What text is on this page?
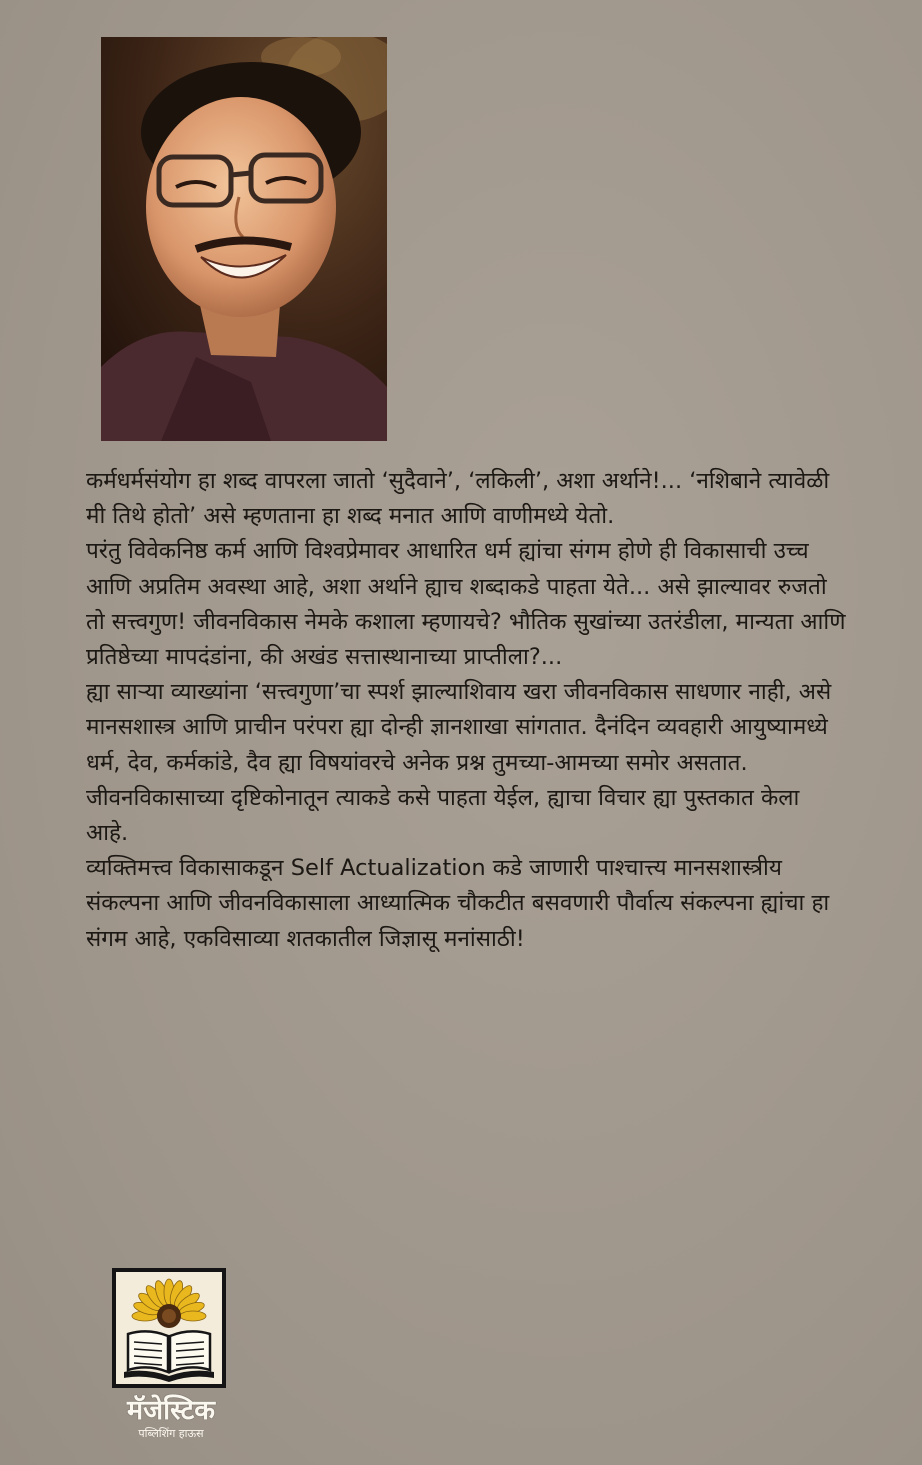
कर्मधर्मसंयोग हा शब्द वापरला जातो ‘सुदैवाने’, ‘लकिली’, अशा अर्थाने!... ‘नशिबाने त्यावेळी मी तिथे होतो’ असे म्हणताना हा शब्द मनात आणि वाणीमध्ये येतो.

परंतु विवेकनिष्ठ कर्म आणि विश्वप्रेमावर आधारित धर्म ह्यांचा संगम होणे ही विकासाची उच्च आणि अप्रतिम अवस्था आहे, अशा अर्थाने ह्याच शब्दाकडे पाहता येते... असे झाल्यावर रुजतो तो सत्त्वगुण! जीवनविकास नेमके कशाला म्हणायचे? भौतिक सुखांच्या उतरंडीला, मान्यता आणि प्रतिष्ठेच्या मापदंडांना, की अखंड सत्तास्थानाच्या प्राप्तीला?...

ह्या साऱ्या व्याख्यांना ‘सत्त्वगुणा’चा स्पर्श झाल्याशिवाय खरा जीवनविकास साधणार नाही, असे मानसशास्त्र आणि प्राचीन परंपरा ह्या दोन्ही ज्ञानशाखा सांगतात. दैनंदिन व्यवहारी आयुष्यामध्ये धर्म, देव, कर्मकांडे, दैव ह्या विषयांवरचे अनेक प्रश्न तुमच्या-आमच्या समोर असतात. जीवनविकासाच्या दृष्टिकोनातून त्याकडे कसे पाहता येईल, ह्याचा विचार ह्या पुस्तकात केला आहे.

व्यक्तिमत्त्व विकासाकडून Self Actualization कडे जाणारी पाश्चात्त्य मानसशास्त्रीय संकल्पना आणि जीवनविकासाला आध्यात्मिक चौकटीत बसवणारी पौर्वात्य संकल्पना ह्यांचा हा संगम आहे, एकविसाव्या शतकातील जिज्ञासू मनांसाठी!

मॅजेस्टिक
पब्लिशिंग हाऊस
